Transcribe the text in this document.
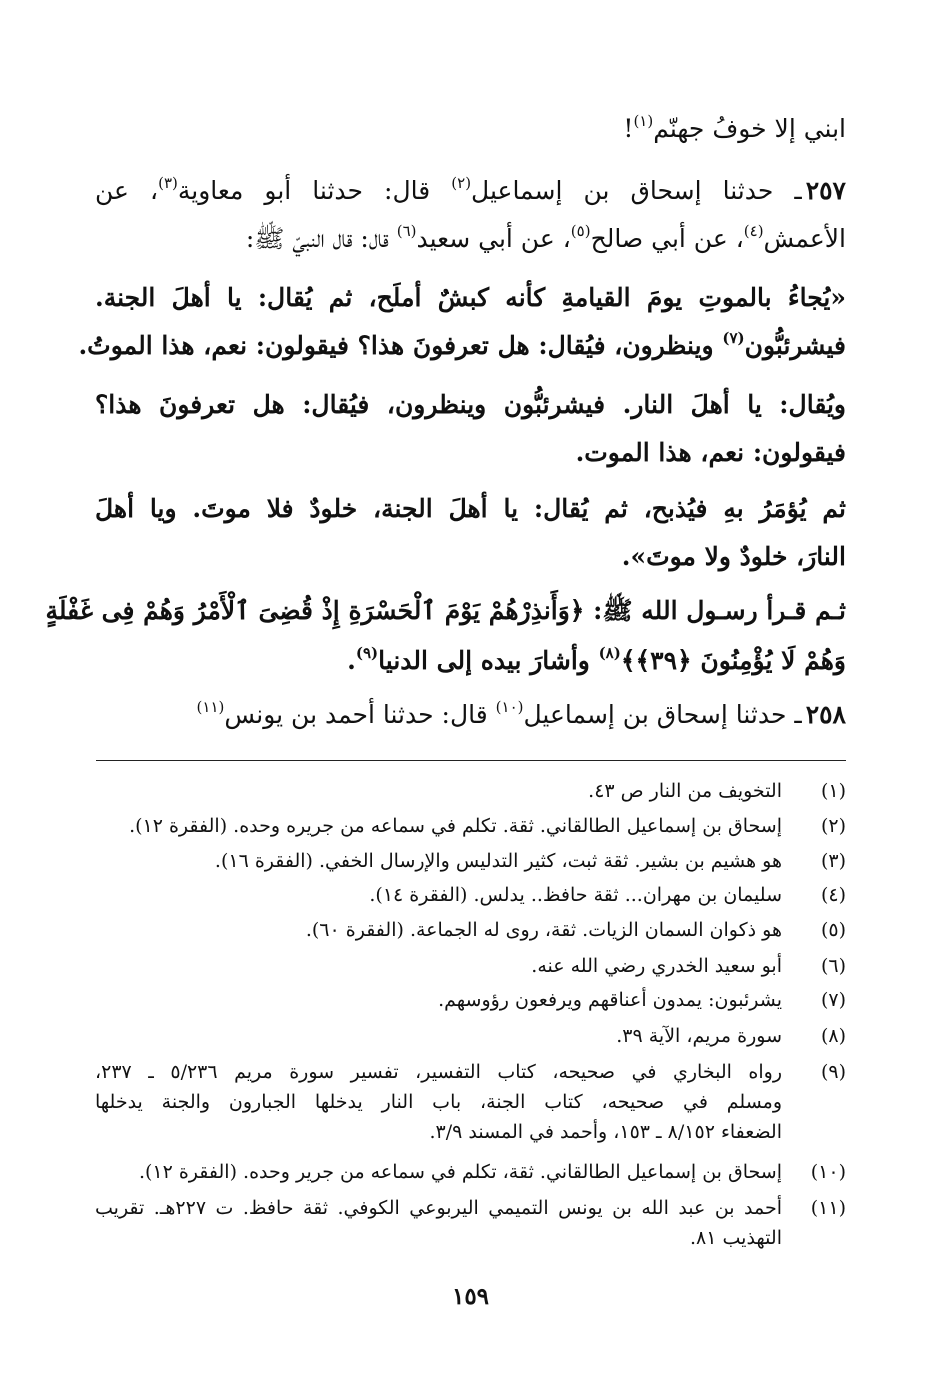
ابني إلا خوفُ جهنّم$^{(١)}$!
٢٥٧ـ حدثنا إسحاق بن إسماعيل$^{(٢)}$ قال: حدثنا أبو معاوية$^{(٣)}$، عن
الأعمش$^{(٤)}$، عن أبي صالح$^{(٥)}$، عن أبي سعيد$^{(٦)}$ قال: قال النبيّ ﷺ:
«يُجاءُ بالموتِ يومَ القيامةِ كأنه كبشٌ أملَح، ثم يُقال: يا أهلَ الجنة.
فيشرئبُّون$^{(٧)}$ وينظرون، فيُقال: هل تعرفونَ هذا؟ فيقولون: نعم، هذا الموتُ.
ويُقال: يا أهلَ النار. فيشرئبُّون وينظرون، فيُقال: هل تعرفونَ هذا؟
فيقولون: نعم، هذا الموت.
ثم يُؤمَرُ بهِ فيُذبح، ثم يُقال: يا أهلَ الجنة، خلودٌ فلا موتَ. ويا أهلَ
النارَ، خلودٌ ولا موتَ».
ثـم قـرأ رسـول الله ﷺ: ﴿وَأَنذِرْهُمْ يَوْمَ ٱلْحَسْرَةِ إِذْ قُضِىَ ٱلْأَمْرُ وَهُمْ فِى غَفْلَةٍ
وَهُمْ لَا يُؤْمِنُونَ ﴿٣٩﴾﴾$^{(٨)}$ وأشارَ بيده إلى الدنيا$^{(٩)}$.
٢٥٨ـ حدثنا إسحاق بن إسماعيل$^{(١٠)}$ قال: حدثنا أحمد بن يونس$^{(١١)}$
(١)
التخويف من النار ص ٤٣.
(٢)
إسحاق بن إسماعيل الطالقاني. ثقة. تكلم في سماعه من جريره وحده. (الفقرة ١٢).
(٣)
هو هشيم بن بشير. ثقة ثبت، كثير التدليس والإرسال الخفي. (الفقرة ١٦).
(٤)
سليمان بن مهران... ثقة حافظ.. يدلس. (الفقرة ١٤).
(٥)
هو ذكوان السمان الزيات. ثقة، روى له الجماعة. (الفقرة ٦٠).
(٦)
أبو سعيد الخدري رضي الله عنه.
(٧)
يشرئبون: يمدون أعناقهم ويرفعون رؤوسهم.
(٨)
سورة مريم، الآية ٣٩.
(٩)
رواه البخاري في صحيحه، كتاب التفسير، تفسير سورة مريم ٥/٢٣٦ ـ ٢٣٧،
ومسلم في صحيحه، كتاب الجنة، باب النار يدخلها الجبارون والجنة يدخلها
الضعفاء ٨/١٥٢ ـ ١٥٣، وأحمد في المسند ٣/٩.
(١٠)
إسحاق بن إسماعيل الطالقاني. ثقة، تكلم في سماعه من جرير وحده. (الفقرة ١٢).
(١١)
أحمد بن عبد الله بن يونس التميمي اليربوعي الكوفي. ثقة حافظ. ت ٢٢٧هـ. تقريب
التهذيب ٨١.
١٥٩
